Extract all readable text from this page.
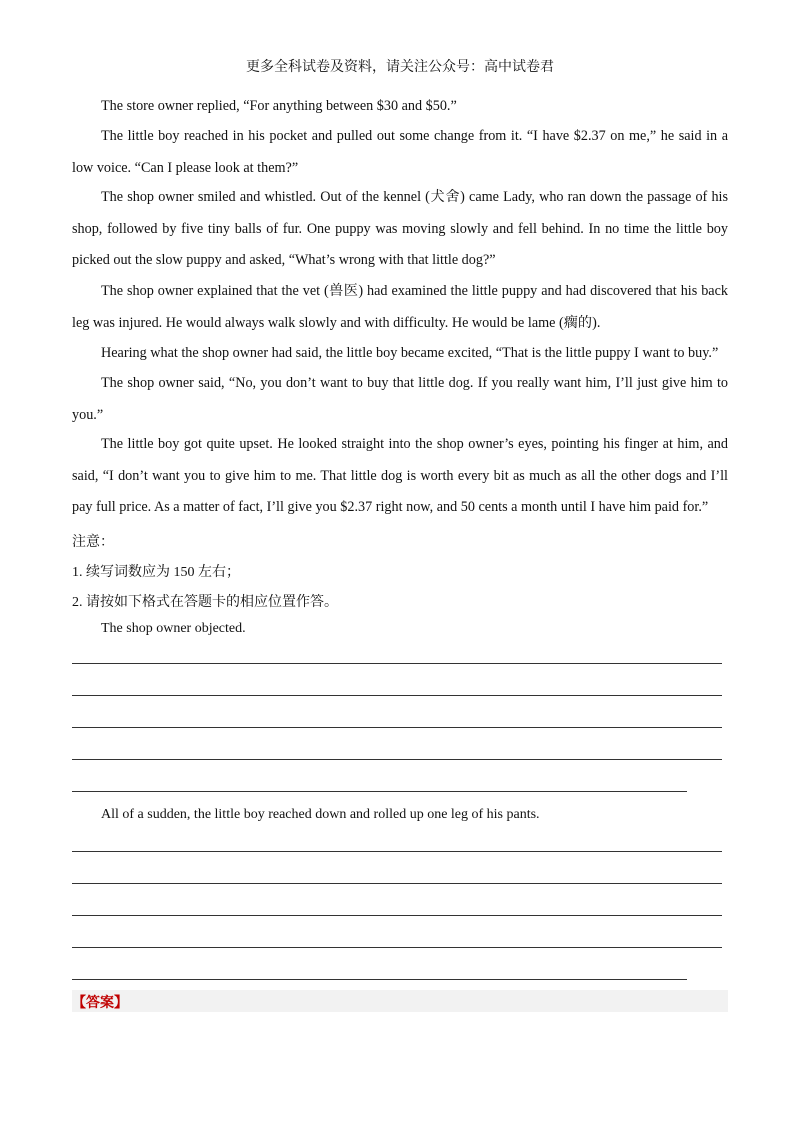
更多全科试卷及资料，请关注公众号：高中试卷君

The store owner replied, “For anything between $30 and $50.”

The little boy reached in his pocket and pulled out some change from it. “I have $2.37 on me,” he said in a low voice. “Can I please look at them?”

The shop owner smiled and whistled. Out of the kennel (犬舍) came Lady, who ran down the passage of his shop, followed by five tiny balls of fur. One puppy was moving slowly and fell behind. In no time the little boy picked out the slow puppy and asked, “What’s wrong with that little dog?”

The shop owner explained that the vet (兽医) had examined the little puppy and had discovered that his back leg was injured. He would always walk slowly and with difficulty. He would be lame (瘸的).

Hearing what the shop owner had said, the little boy became excited, “That is the little puppy I want to buy.”

The shop owner said, “No, you don’t want to buy that little dog. If you really want him, I’ll just give him to you.”

The little boy got quite upset. He looked straight into the shop owner’s eyes, pointing his finger at him, and said, “I don’t want you to give him to me. That little dog is worth every bit as much as all the other dogs and I’ll pay full price. As a matter of fact, I’ll give you $2.37 right now, and 50 cents a month until I have him paid for.”

注意：
1. 续写词数应为 150 左右；
2. 请按如下格式在答题卡的相应位置作答。
The shop owner objected.
All of a sudden, the little boy reached down and rolled up one leg of his pants.
【答案】
